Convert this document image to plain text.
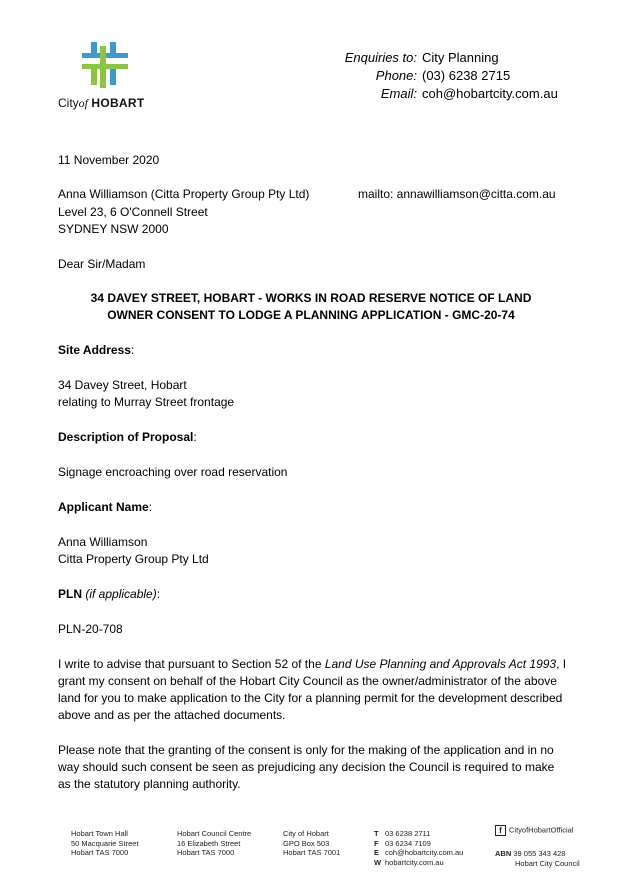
Cityof HOBART
Enquiries to: City Planning
Phone: (03) 6238 2715
Email: coh@hobartcity.com.au
11 November 2020
Anna Williamson (Citta Property Group Pty Ltd)	mailto: annawilliamson@citta.com.au
Level 23, 6 O'Connell Street
SYDNEY NSW 2000
Dear Sir/Madam
34 DAVEY STREET, HOBART - WORKS IN ROAD RESERVE NOTICE OF LAND
OWNER CONSENT TO LODGE A PLANNING APPLICATION - GMC-20-74
Site Address:
34 Davey Street, Hobart
relating to Murray Street frontage
Description of Proposal:
Signage encroaching over road reservation
Applicant Name:
Anna Williamson
Citta Property Group Pty Ltd
PLN (if applicable):
PLN-20-708
I write to advise that pursuant to Section 52 of the Land Use Planning and Approvals Act 1993, I grant my consent on behalf of the Hobart City Council as the owner/administrator of the above land for you to make application to the City for a planning permit for the development described above and as per the attached documents.
Please note that the granting of the consent is only for the making of the application and in no way should such consent be seen as prejudicing any decision the Council is required to make as the statutory planning authority.
Hobart Town Hall
50 Macquarie Street
Hobart TAS 7000
Hobart Council Centre
16 Elizabeth Street
Hobart TAS 7000
City of Hobart
GPO Box 503
Hobart TAS 7001
T 03 6238 2711
F 03 6234 7109
E coh@hobartcity.com.au
W hobartcity.com.au
f CityofHobartOfficial
ABN 39 055 343 428
Hobart City Council
